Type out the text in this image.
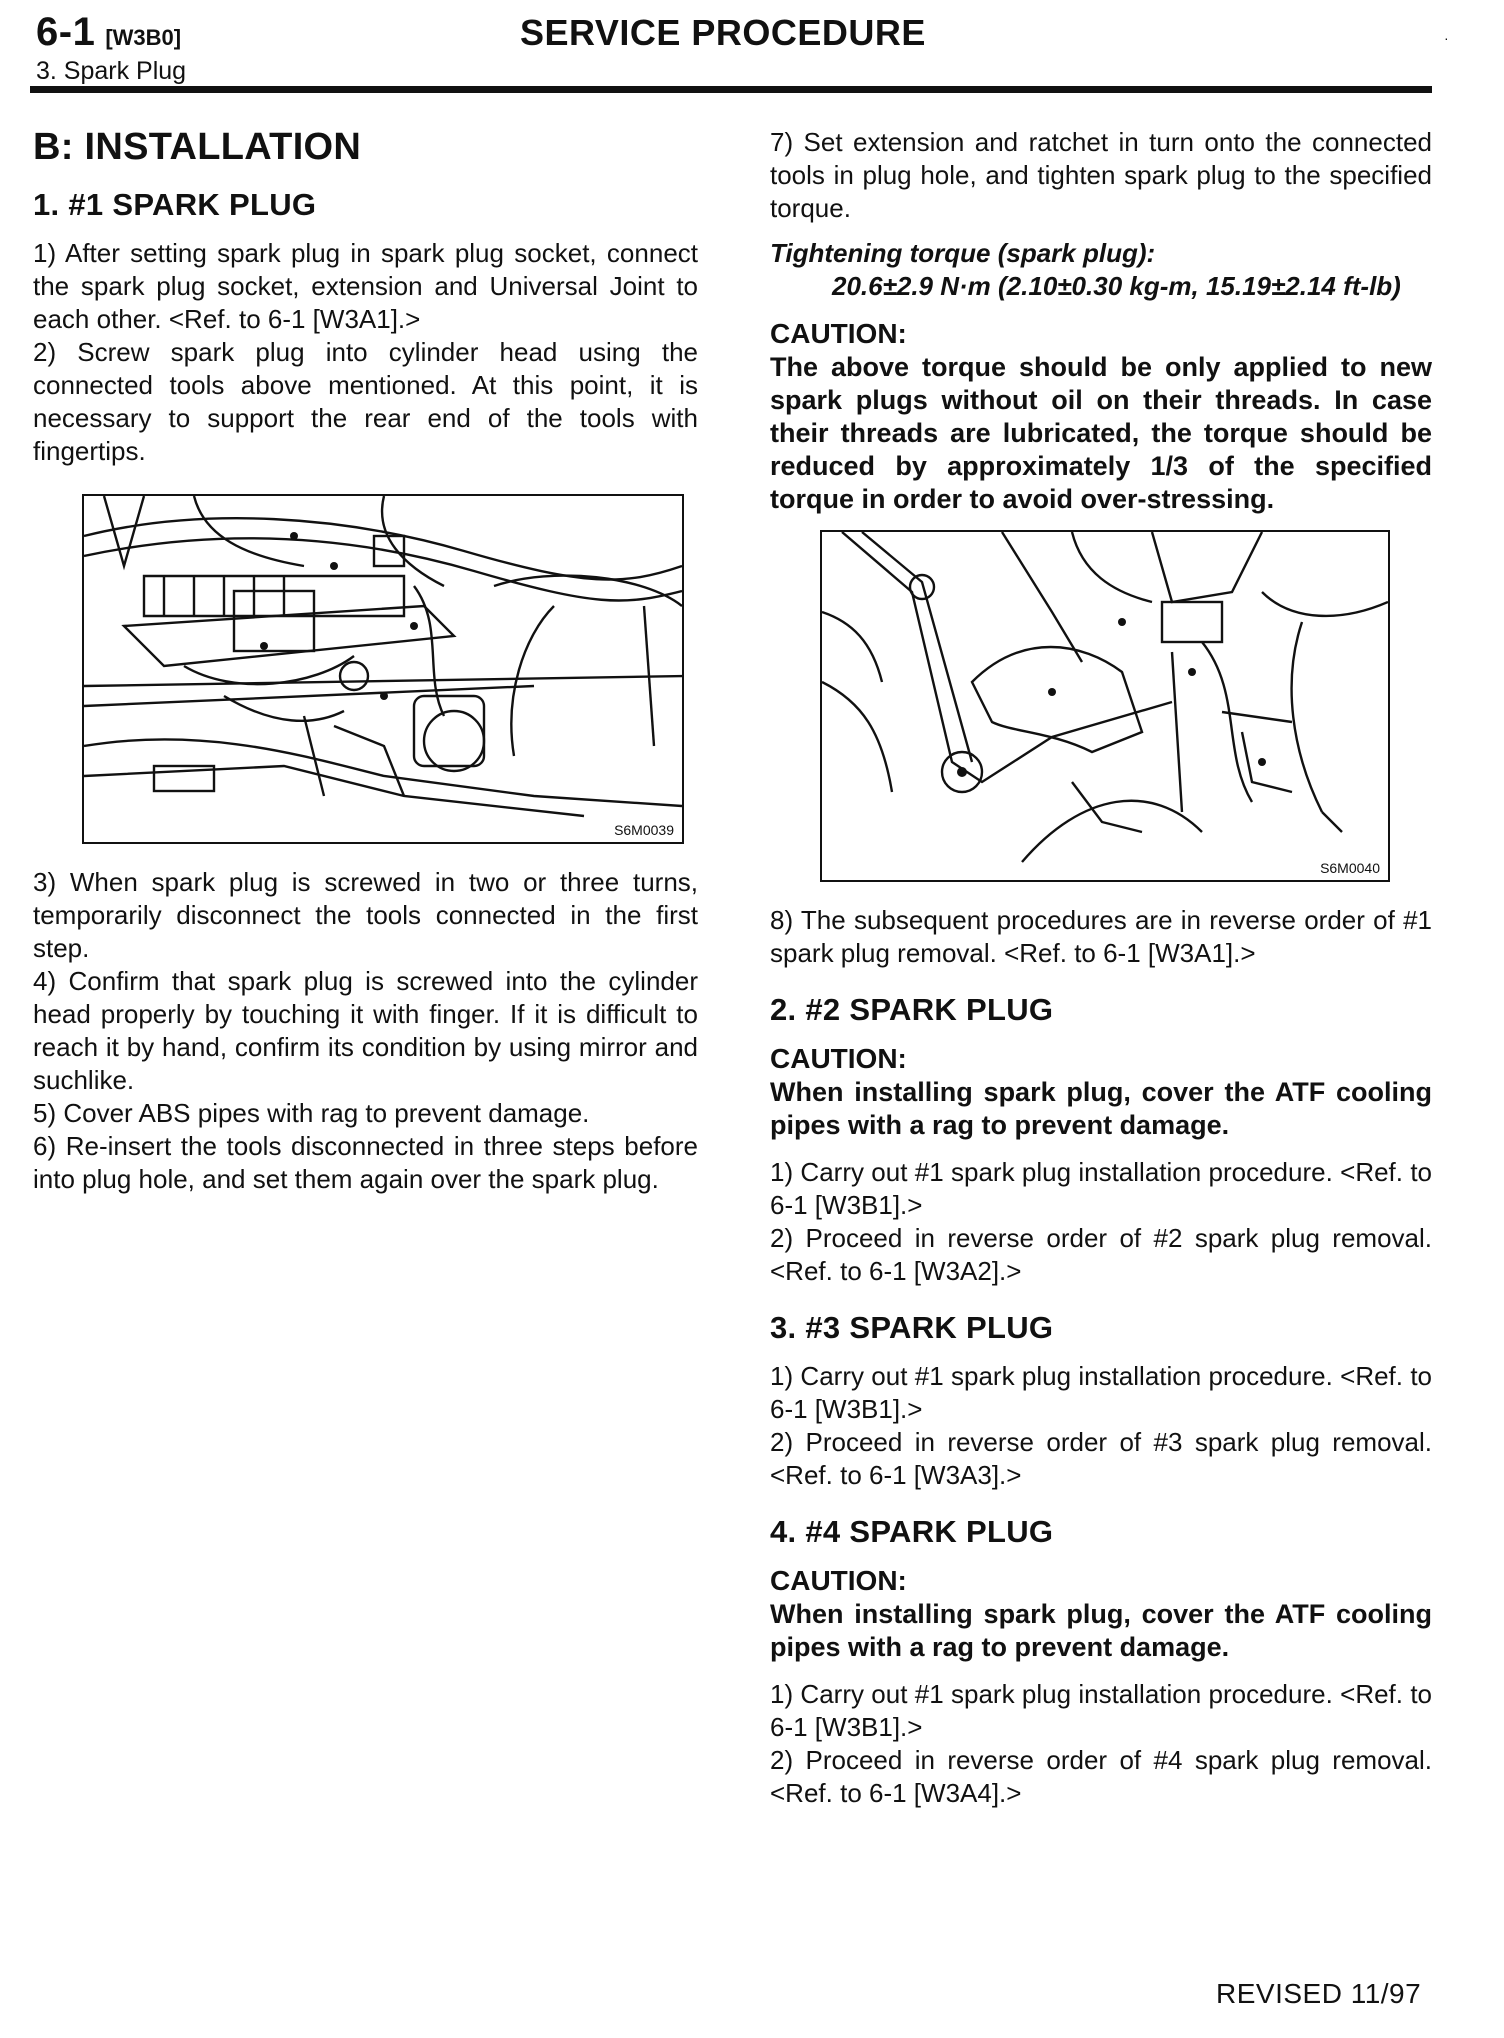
6-1 [W3B0]
3. Spark Plug
SERVICE PROCEDURE	·
B: INSTALLATION
1. #1 SPARK PLUG

1) After setting spark plug in spark plug socket, connect the spark plug socket, extension and Universal Joint to each other. <Ref. to 6-1 [W3A1].>

2) Screw spark plug into cylinder head using the connected tools above mentioned. At this point, it is necessary to support the rear end of the tools with fingertips.

S6M0039

3) When spark plug is screwed in two or three turns, temporarily disconnect the tools connected in the first step.

4) Confirm that spark plug is screwed into the cylinder head properly by touching it with finger. If it is difficult to reach it by hand, confirm its condition by using mirror and suchlike.

5) Cover ABS pipes with rag to prevent damage.

6) Re-insert the tools disconnected in three steps before into plug hole, and set them again over the spark plug.

7) Set extension and ratchet in turn onto the connected tools in plug hole, and tighten spark plug to the specified torque.

Tightening torque (spark plug):

20.6±2.9 N·m (2.10±0.30 kg-m, 15.19±2.14 ft-lb)

CAUTION:

The above torque should be only applied to new spark plugs without oil on their threads. In case their threads are lubricated, the torque should be reduced by approximately 1/3 of the specified torque in order to avoid over-stressing.

S6M0040

8) The subsequent procedures are in reverse order of #1 spark plug removal. <Ref. to 6-1 [W3A1].>

2. #2 SPARK PLUG

CAUTION:

When installing spark plug, cover the ATF cooling pipes with a rag to prevent damage.

1) Carry out #1 spark plug installation procedure. <Ref. to 6-1 [W3B1].>

2) Proceed in reverse order of #2 spark plug removal. <Ref. to 6-1 [W3A2].>

3. #3 SPARK PLUG

1) Carry out #1 spark plug installation procedure. <Ref. to 6-1 [W3B1].>

2) Proceed in reverse order of #3 spark plug removal. <Ref. to 6-1 [W3A3].>

4. #4 SPARK PLUG

CAUTION:

When installing spark plug, cover the ATF cooling pipes with a rag to prevent damage.

1) Carry out #1 spark plug installation procedure. <Ref. to 6-1 [W3B1].>

2) Proceed in reverse order of #4 spark plug removal. <Ref. to 6-1 [W3A4].>

REVISED 11/97
